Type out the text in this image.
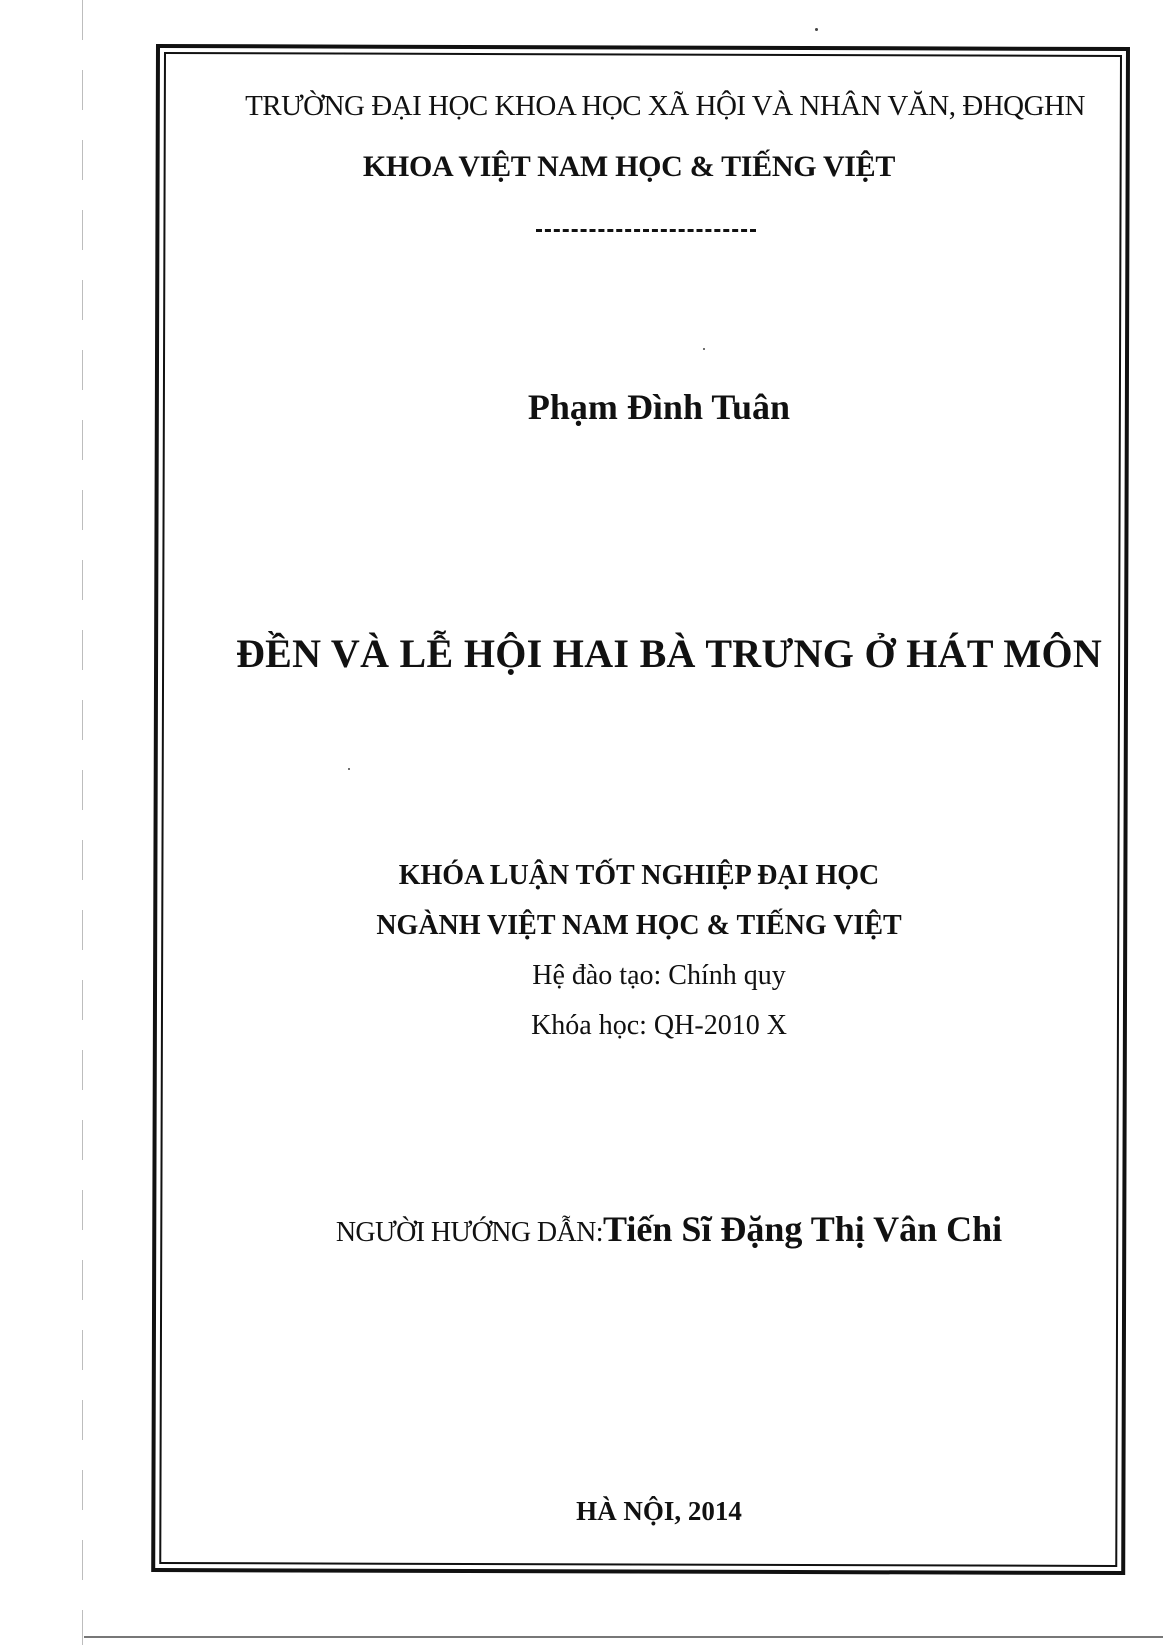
TRƯỜNG ĐẠI HỌC KHOA HỌC XÃ HỘI VÀ NHÂN VĂN, ĐHQGHN
KHOA VIỆT NAM HỌC & TIẾNG VIỆT
Phạm Đình Tuân
ĐỀN VÀ LỄ HỘI HAI BÀ TRƯNG Ở HÁT MÔN
KHÓA LUẬN TỐT NGHIỆP ĐẠI HỌC
NGÀNH VIỆT NAM HỌC & TIẾNG VIỆT
Hệ đào tạo: Chính quy
Khóa học: QH-2010 X
NGƯỜI HƯỚNG DẪN:Tiến Sĩ Đặng Thị Vân Chi
HÀ NỘI, 2014
